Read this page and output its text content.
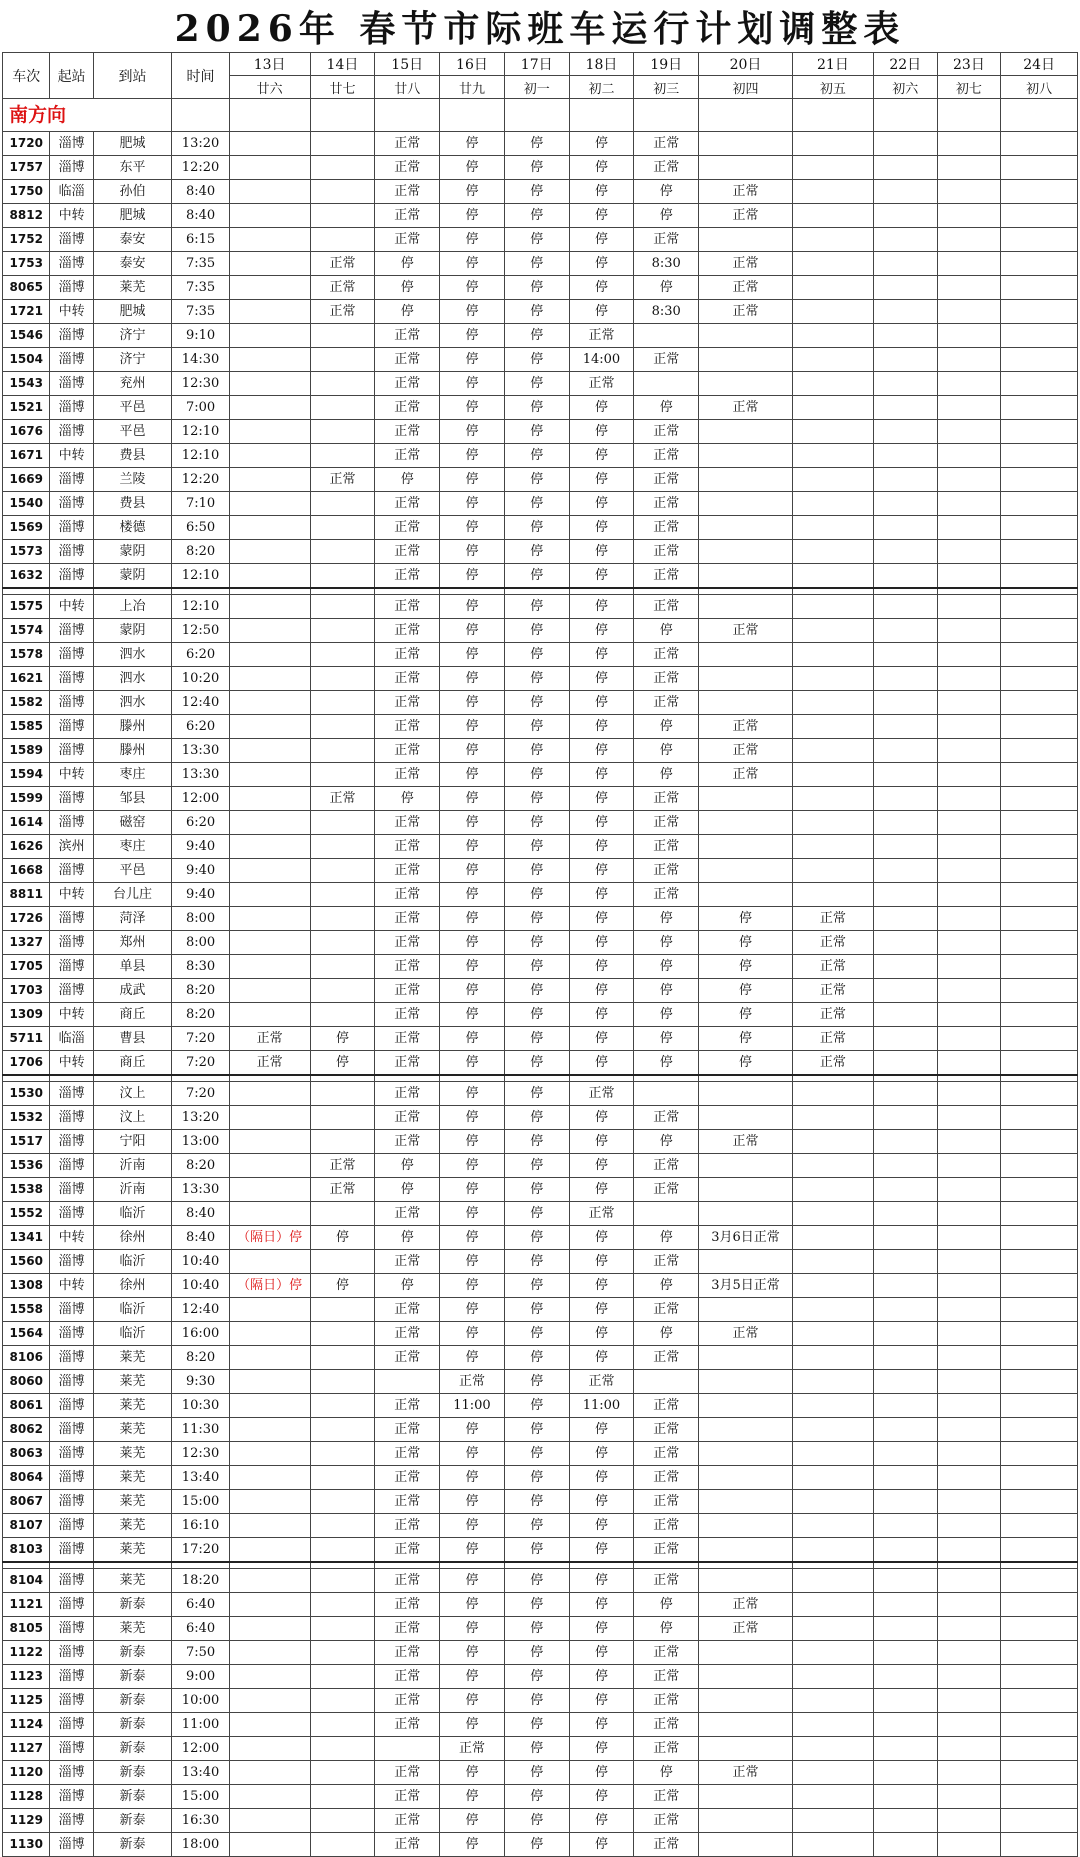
2026年 春节市际班车运行计划调整表
车次	起站	到站	时间	13日	14日	15日	16日	17日	18日	19日	20日	21日	22日	23日	24日
				廿六	廿七	廿八	廿九	初一	初二	初三	初四	初五	初六	初七	初八
南方向															
1720	淄博	肥城	13:20			正常	停	停	停	正常					
1757	淄博	东平	12:20			正常	停	停	停	正常					
1750	临淄	孙伯	8:40			正常	停	停	停	停	正常				
8812	中转	肥城	8:40			正常	停	停	停	停	正常				
1752	淄博	泰安	6:15			正常	停	停	停	正常					
1753	淄博	泰安	7:35		正常	停	停	停	停	8:30	正常				
8065	淄博	莱芜	7:35		正常	停	停	停	停	停	正常				
1721	中转	肥城	7:35		正常	停	停	停	停	8:30	正常				
1546	淄博	济宁	9:10			正常	停	停	正常						
1504	淄博	济宁	14:30			正常	停	停	14:00	正常					
1543	淄博	兖州	12:30			正常	停	停	正常						
1521	淄博	平邑	7:00			正常	停	停	停	停	正常				
1676	淄博	平邑	12:10			正常	停	停	停	正常					
1671	中转	费县	12:10			正常	停	停	停	正常					
1669	淄博	兰陵	12:20		正常	停	停	停	停	正常					
1540	淄博	费县	7:10			正常	停	停	停	正常					
1569	淄博	楼德	6:50			正常	停	停	停	正常					
1573	淄博	蒙阴	8:20			正常	停	停	停	正常					
1632	淄博	蒙阴	12:10			正常	停	停	停	正常					

1575	中转	上冶	12:10			正常	停	停	停	正常					
1574	淄博	蒙阴	12:50			正常	停	停	停	停	正常				
1578	淄博	泗水	6:20			正常	停	停	停	正常					
1621	淄博	泗水	10:20			正常	停	停	停	正常					
1582	淄博	泗水	12:40			正常	停	停	停	正常					
1585	淄博	滕州	6:20			正常	停	停	停	停	正常				
1589	淄博	滕州	13:30			正常	停	停	停	停	正常				
1594	中转	枣庄	13:30			正常	停	停	停	停	正常				
1599	淄博	邹县	12:00		正常	停	停	停	停	正常					
1614	淄博	磁窑	6:20			正常	停	停	停	正常					
1626	滨州	枣庄	9:40			正常	停	停	停	正常					
1668	淄博	平邑	9:40			正常	停	停	停	正常					
8811	中转	台儿庄	9:40			正常	停	停	停	正常					
1726	淄博	菏泽	8:00			正常	停	停	停	停	停	正常			
1327	淄博	郑州	8:00			正常	停	停	停	停	停	正常			
1705	淄博	单县	8:30			正常	停	停	停	停	停	正常			
1703	淄博	成武	8:20			正常	停	停	停	停	停	正常			
1309	中转	商丘	8:20			正常	停	停	停	停	停	正常			
5711	临淄	曹县	7:20	正常	停	正常	停	停	停	停	停	正常			
1706	中转	商丘	7:20	正常	停	正常	停	停	停	停	停	正常			

1530	淄博	汶上	7:20			正常	停	停	正常						
1532	淄博	汶上	13:20			正常	停	停	停	正常					
1517	淄博	宁阳	13:00			正常	停	停	停	停	正常				
1536	淄博	沂南	8:20		正常	停	停	停	停	正常					
1538	淄博	沂南	13:30		正常	停	停	停	停	正常					
1552	淄博	临沂	8:40			正常	停	停	正常						
1341	中转	徐州	8:40	（隔日）停	停	停	停	停	停	停	3月6日正常				
1560	淄博	临沂	10:40			正常	停	停	停	正常					
1308	中转	徐州	10:40	（隔日）停	停	停	停	停	停	停	3月5日正常				
1558	淄博	临沂	12:40			正常	停	停	停	正常					
1564	淄博	临沂	16:00			正常	停	停	停	停	正常				
8106	淄博	莱芜	8:20			正常	停	停	停	正常					
8060	淄博	莱芜	9:30				正常	停	正常						
8061	淄博	莱芜	10:30			正常	11:00	停	11:00	正常					
8062	淄博	莱芜	11:30			正常	停	停	停	正常					
8063	淄博	莱芜	12:30			正常	停	停	停	正常					
8064	淄博	莱芜	13:40			正常	停	停	停	正常					
8067	淄博	莱芜	15:00			正常	停	停	停	正常					
8107	淄博	莱芜	16:10			正常	停	停	停	正常					
8103	淄博	莱芜	17:20			正常	停	停	停	正常					

8104	淄博	莱芜	18:20			正常	停	停	停	正常					
1121	淄博	新泰	6:40			正常	停	停	停	停	正常				
8105	淄博	莱芜	6:40			正常	停	停	停	停	正常				
1122	淄博	新泰	7:50			正常	停	停	停	正常					
1123	淄博	新泰	9:00			正常	停	停	停	正常					
1125	淄博	新泰	10:00			正常	停	停	停	正常					
1124	淄博	新泰	11:00			正常	停	停	停	正常					
1127	淄博	新泰	12:00				正常	停	停	正常					
1120	淄博	新泰	13:40			正常	停	停	停	停	正常				
1128	淄博	新泰	15:00			正常	停	停	停	正常					
1129	淄博	新泰	16:30			正常	停	停	停	正常					
1130	淄博	新泰	18:00			正常	停	停	停	正常					
